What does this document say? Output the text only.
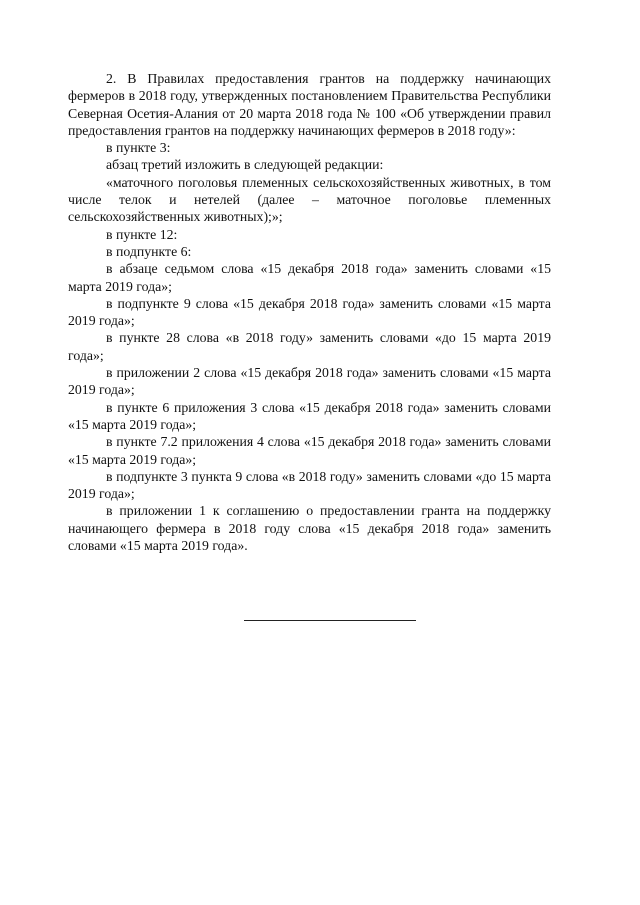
2. В Правилах предоставления грантов на поддержку начинающих фермеров в 2018 году, утвержденных постановлением Правительства Республики Северная Осетия-Алания от 20 марта 2018 года № 100 «Об утверждении правил предоставления грантов на поддержку начинающих фермеров в 2018 году»:

в пункте 3:

абзац третий изложить в следующей редакции:

«маточного поголовья племенных сельскохозяйственных животных, в том числе телок и нетелей (далее – маточное поголовье племенных сельскохозяйственных животных);»;

в пункте 12:

в подпункте 6:

в абзаце седьмом слова «15 декабря 2018 года» заменить словами «15 марта 2019 года»;

в подпункте 9 слова «15 декабря 2018 года» заменить словами «15 марта 2019 года»;

в пункте 28 слова «в 2018 году» заменить словами «до 15 марта 2019 года»;

в приложении 2 слова «15 декабря 2018 года» заменить словами «15 марта 2019 года»;

в пункте 6 приложения 3 слова «15 декабря 2018 года» заменить словами «15 марта 2019 года»;

в пункте 7.2 приложения 4 слова «15 декабря 2018 года» заменить словами «15 марта 2019 года»;

в подпункте 3 пункта 9 слова «в 2018 году» заменить словами «до 15 марта 2019 года»;

в приложении 1 к соглашению о предоставлении гранта на поддержку начинающего фермера в 2018 году слова «15 декабря 2018 года» заменить словами «15 марта 2019 года».
